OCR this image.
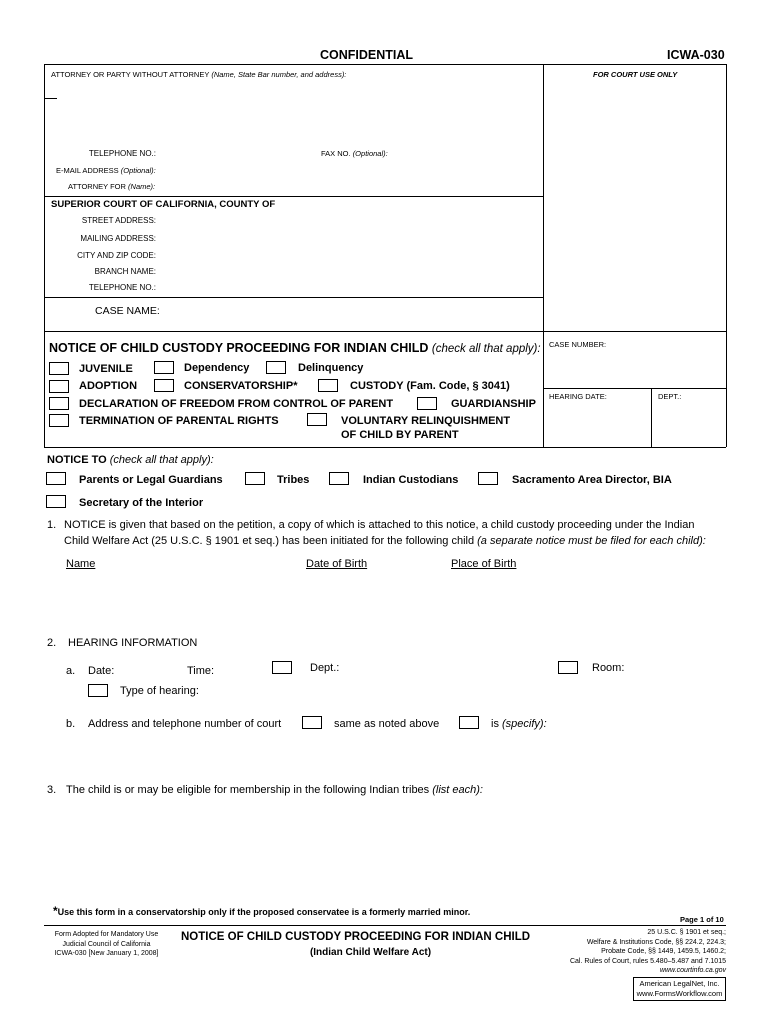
CONFIDENTIAL	ICWA-030
ATTORNEY OR PARTY WITHOUT ATTORNEY (Name, State Bar number, and address):
TELEPHONE NO.:	FAX NO. (Optional):
E-MAIL ADDRESS (Optional):
ATTORNEY FOR (Name):
FOR COURT USE ONLY
SUPERIOR COURT OF CALIFORNIA, COUNTY OF
STREET ADDRESS:
MAILING ADDRESS:
CITY AND ZIP CODE:
BRANCH NAME:
TELEPHONE NO.:
CASE NAME:
NOTICE OF CHILD CUSTODY PROCEEDING FOR INDIAN CHILD (check all that apply):
JUVENILE	Dependency	Delinquency
ADOPTION	CONSERVATORSHIP*	CUSTODY (Fam. Code, § 3041)
DECLARATION OF FREEDOM FROM CONTROL OF PARENT	GUARDIANSHIP
TERMINATION OF PARENTAL RIGHTS	VOLUNTARY RELINQUISHMENT
OF CHILD BY PARENT
CASE NUMBER:
HEARING DATE:	DEPT.:
NOTICE TO (check all that apply):
Parents or Legal Guardians	Tribes	Indian Custodians	Sacramento Area Director, BIA
Secretary of the Interior
1. NOTICE is given that based on the petition, a copy of which is attached to this notice, a child custody proceeding under the Indian
Child Welfare Act (25 U.S.C. § 1901 et seq.) has been initiated for the following child (a separate notice must be filed for each child):
Name	Date of Birth	Place of Birth
2. HEARING INFORMATION
a. Date:	Time:	Dept.:	Room:
Type of hearing:
b. Address and telephone number of court	same as noted above	is (specify):
3. The child is or may be eligible for membership in the following Indian tribes (list each):
*Use this form in a conservatorship only if the proposed conservatee is a formerly married minor.
Page 1 of 10
Form Adopted for Mandatory Use
Judicial Council of California
ICWA-030 [New January 1, 2008]
NOTICE OF CHILD CUSTODY PROCEEDING FOR INDIAN CHILD
(Indian Child Welfare Act)
25 U.S.C. § 1901 et seq.;
Welfare & Institutions Code, §§ 224.2, 224.3;
Probate Code, §§ 1449, 1459.5, 1460.2;
Cal. Rules of Court, rules 5.480–5.487 and 7.1015
www.courtinfo.ca.gov
American LegalNet, Inc.
www.FormsWorkflow.com
